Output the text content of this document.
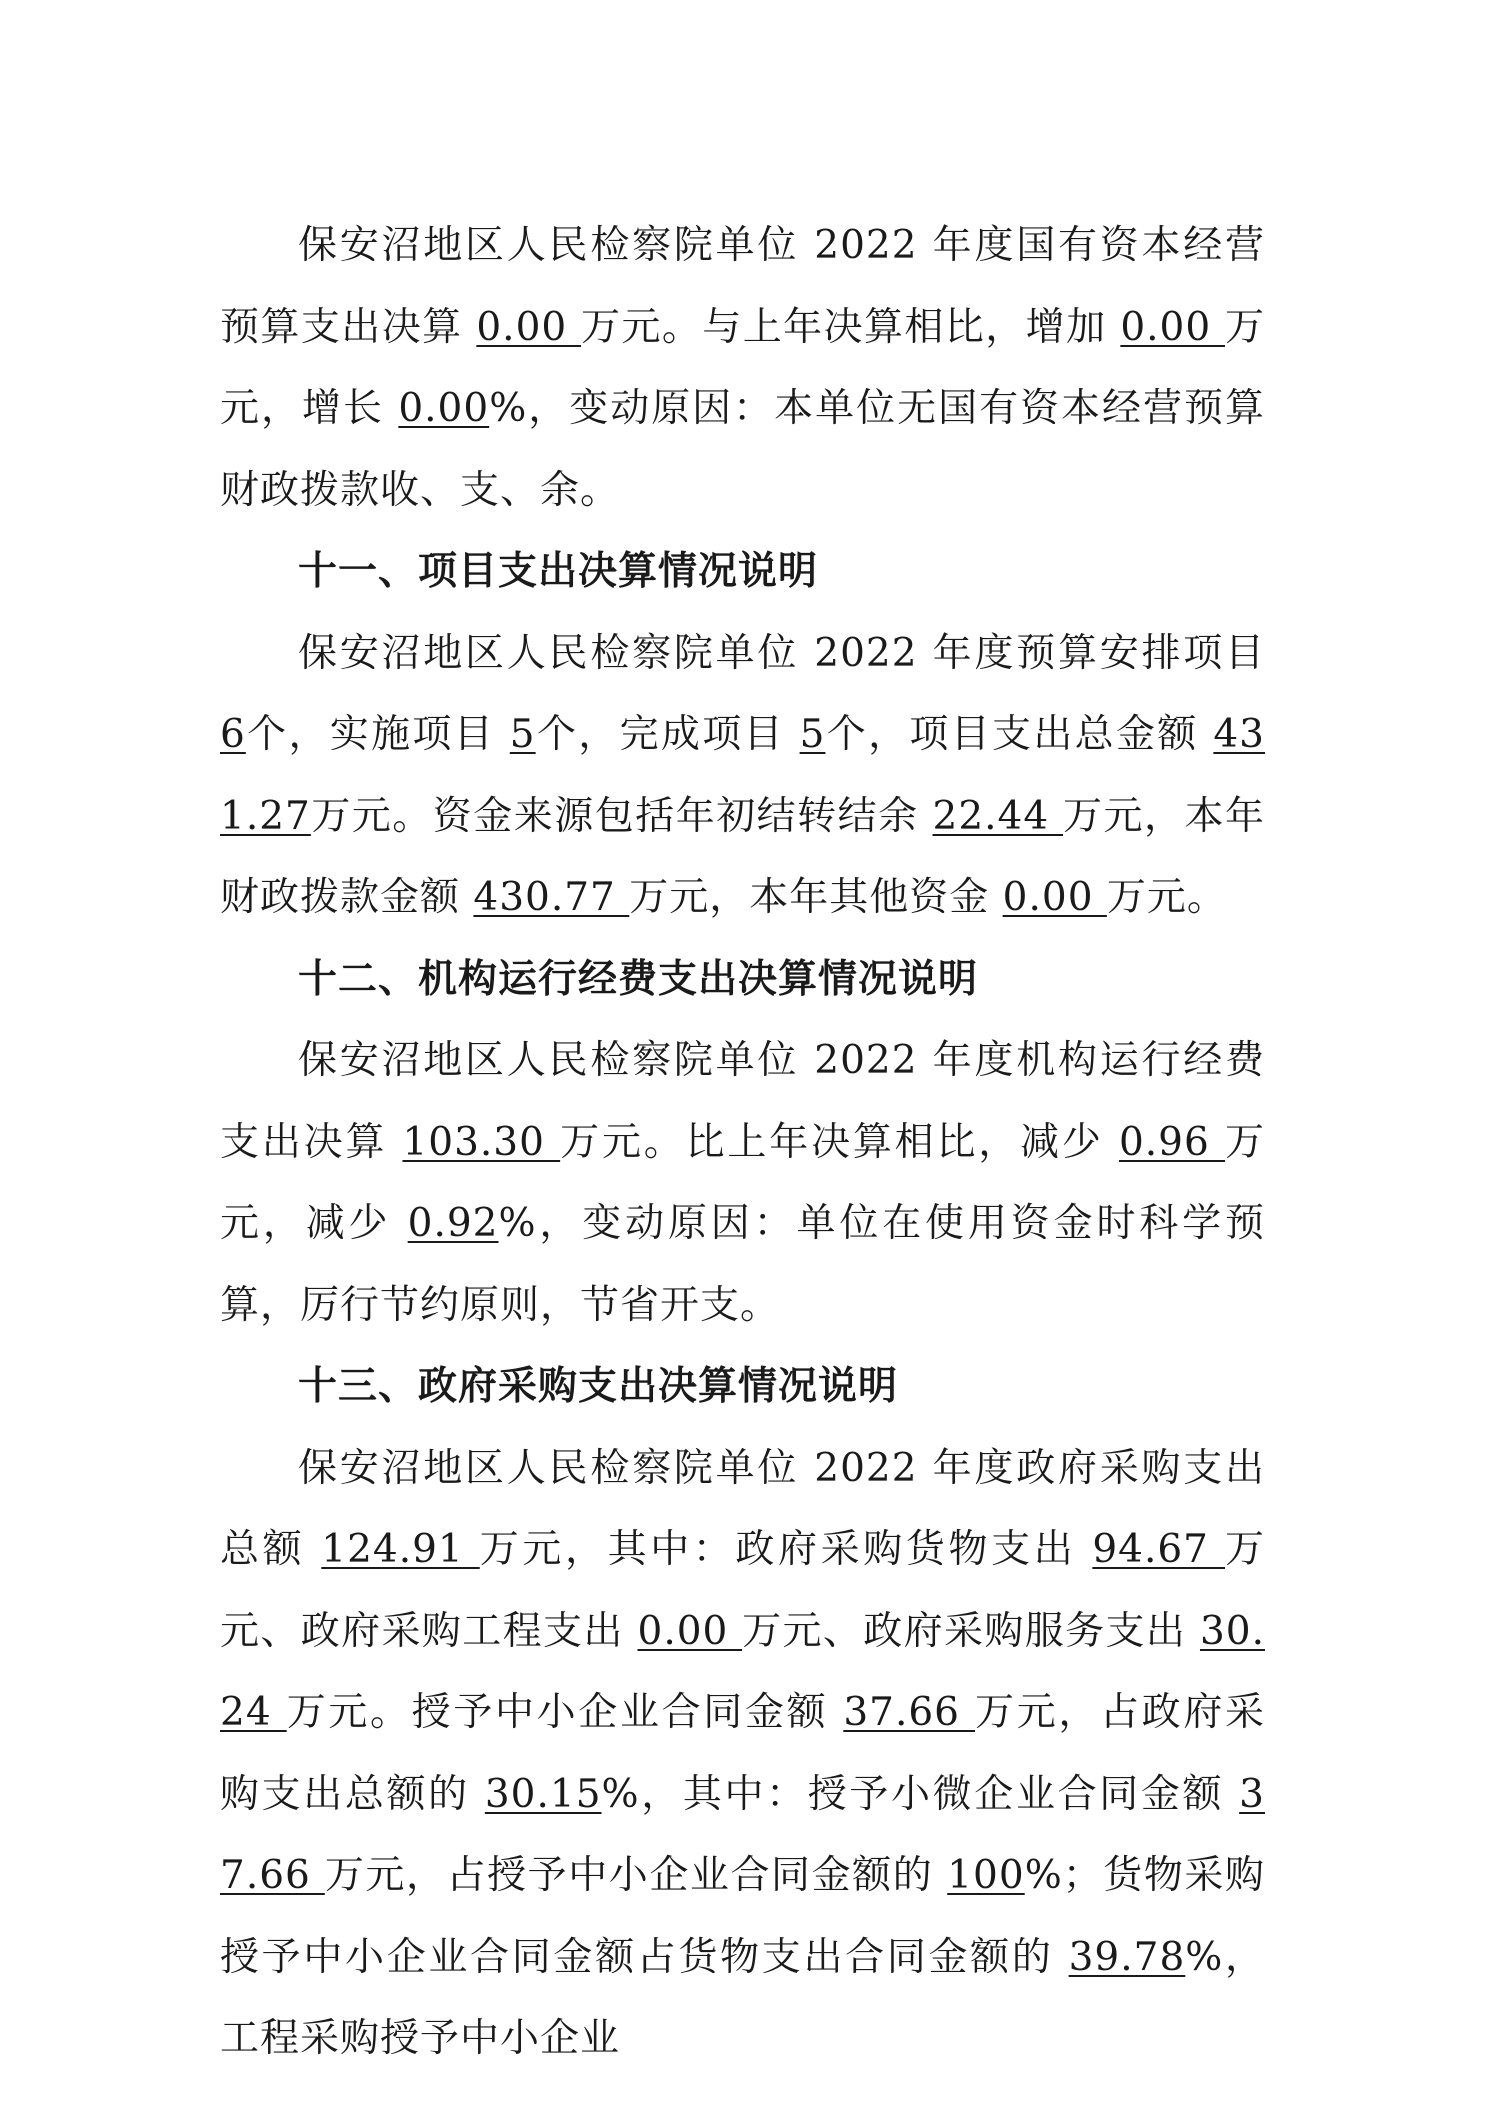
保安沼地区人民检察院单位 2022 年度国有资本经营预算支出决算 0.00 万元。与上年决算相比，增加 0.00 万元，增长 0.00%，变动原因：本单位无国有资本经营预算财政拨款收、支、余。

十一、项目支出决算情况说明

保安沼地区人民检察院单位 2022 年度预算安排项目 6个，实施项目 5个，完成项目 5个，项目支出总金额 431.27万元。资金来源包括年初结转结余 22.44 万元，本年财政拨款金额 430.77 万元，本年其他资金 0.00 万元。

十二、机构运行经费支出决算情况说明

保安沼地区人民检察院单位 2022 年度机构运行经费支出决算 103.30 万元。比上年决算相比，减少 0.96 万元，减少 0.92%，变动原因：单位在使用资金时科学预算，厉行节约原则，节省开支。

十三、政府采购支出决算情况说明

保安沼地区人民检察院单位 2022 年度政府采购支出总额 124.91 万元，其中：政府采购货物支出 94.67 万元、政府采购工程支出 0.00 万元、政府采购服务支出 30.24 万元。授予中小企业合同金额 37.66 万元，占政府采购支出总额的 30.15%，其中：授予小微企业合同金额 37.66 万元，占授予中小企业合同金额的 100%；货物采购授予中小企业合同金额占货物支出合同金额的 39.78%，工程采购授予中小企业
